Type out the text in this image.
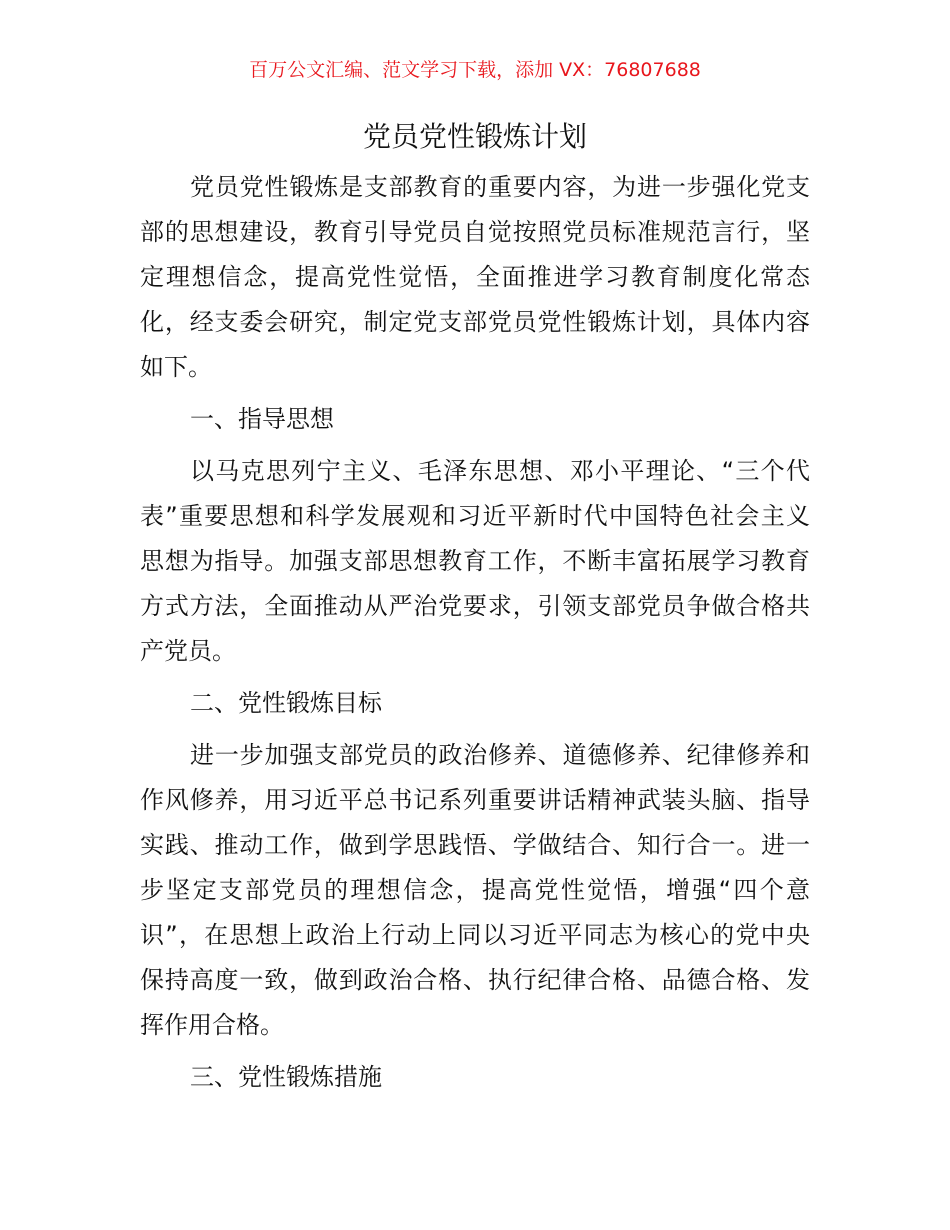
百万公文汇编、范文学习下载，添加 VX：76807688
党员党性锻炼计划
党员党性锻炼是支部教育的重要内容，为进一步强化党支
部的思想建设，教育引导党员自觉按照党员标准规范言行，坚
定理想信念，提高党性觉悟，全面推进学习教育制度化常态
化，经支委会研究，制定党支部党员党性锻炼计划，具体内容
如下。
一、指导思想
以马克思列宁主义、毛泽东思想、邓小平理论、“三个代
表”重要思想和科学发展观和习近平新时代中国特色社会主义
思想为指导。加强支部思想教育工作，不断丰富拓展学习教育
方式方法，全面推动从严治党要求，引领支部党员争做合格共
产党员。
二、党性锻炼目标
进一步加强支部党员的政治修养、道德修养、纪律修养和
作风修养，用习近平总书记系列重要讲话精神武装头脑、指导
实践、推动工作，做到学思践悟、学做结合、知行合一。进一
步坚定支部党员的理想信念，提高党性觉悟，增强“四个意
识”，在思想上政治上行动上同以习近平同志为核心的党中央
保持高度一致，做到政治合格、执行纪律合格、品德合格、发
挥作用合格。
三、党性锻炼措施
